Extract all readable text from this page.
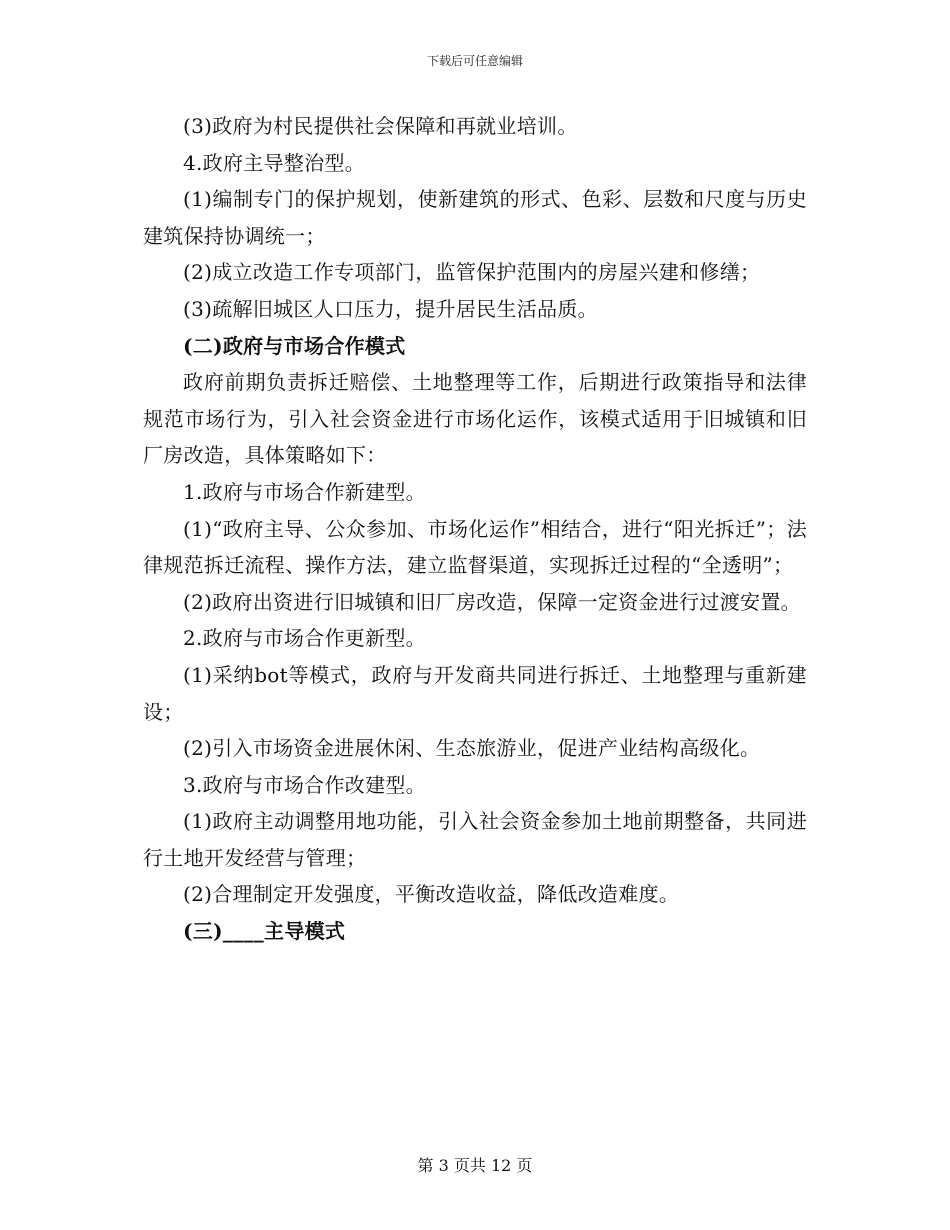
下载后可任意编辑

(3)政府为村民提供社会保障和再就业培训。

4.政府主导整治型。

(1)编制专门的保护规划，使新建筑的形式、色彩、层数和尺度与历史建筑保持协调统一；

(2)成立改造工作专项部门，监管保护范围内的房屋兴建和修缮；

(3)疏解旧城区人口压力，提升居民生活品质。

(二)政府与市场合作模式

政府前期负责拆迁赔偿、土地整理等工作，后期进行政策指导和法律规范市场行为，引入社会资金进行市场化运作，该模式适用于旧城镇和旧厂房改造，具体策略如下：

1.政府与市场合作新建型。

(1)“政府主导、公众参加、市场化运作”相结合，进行“阳光拆迁”；法律规范拆迁流程、操作方法，建立监督渠道，实现拆迁过程的“全透明”；

(2)政府出资进行旧城镇和旧厂房改造，保障一定资金进行过渡安置。

2.政府与市场合作更新型。

(1)采纳bot等模式，政府与开发商共同进行拆迁、土地整理与重新建设；

(2)引入市场资金进展休闲、生态旅游业，促进产业结构高级化。

3.政府与市场合作改建型。

(1)政府主动调整用地功能，引入社会资金参加土地前期整备，共同进行土地开发经营与管理；

(2)合理制定开发强度，平衡改造收益，降低改造难度。

(三)____主导模式

第 3 页共 12 页
